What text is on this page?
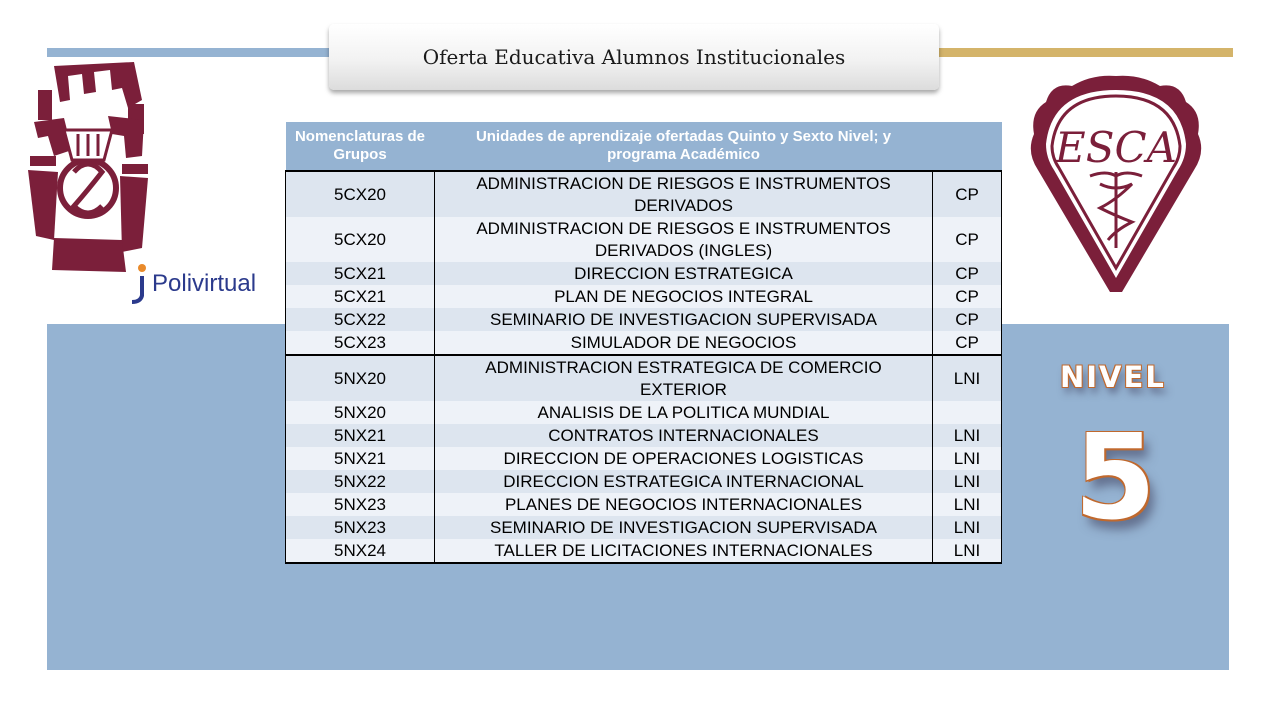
Oferta Educativa Alumnos Institucionales
Polivirtual
ESCA
NIVEL
5
Nomenclaturas de Grupos	Unidades de aprendizaje ofertadas Quinto y Sexto Nivel; y programa Académico	
5CX20	ADMINISTRACION DE RIESGOS E INSTRUMENTOS DERIVADOS	CP
5CX20	ADMINISTRACION DE RIESGOS E INSTRUMENTOS DERIVADOS (INGLES)	CP
5CX21	DIRECCION ESTRATEGICA	CP
5CX21	PLAN DE NEGOCIOS INTEGRAL	CP
5CX22	SEMINARIO DE INVESTIGACION SUPERVISADA	CP
5CX23	SIMULADOR DE NEGOCIOS	CP
5NX20	ADMINISTRACION ESTRATEGICA DE COMERCIO EXTERIOR	LNI
5NX20	ANALISIS DE LA POLITICA MUNDIAL	
5NX21	CONTRATOS INTERNACIONALES	LNI
5NX21	DIRECCION DE OPERACIONES LOGISTICAS	LNI
5NX22	DIRECCION ESTRATEGICA INTERNACIONAL	LNI
5NX23	PLANES DE NEGOCIOS INTERNACIONALES	LNI
5NX23	SEMINARIO DE INVESTIGACION SUPERVISADA	LNI
5NX24	TALLER DE LICITACIONES INTERNACIONALES	LNI
